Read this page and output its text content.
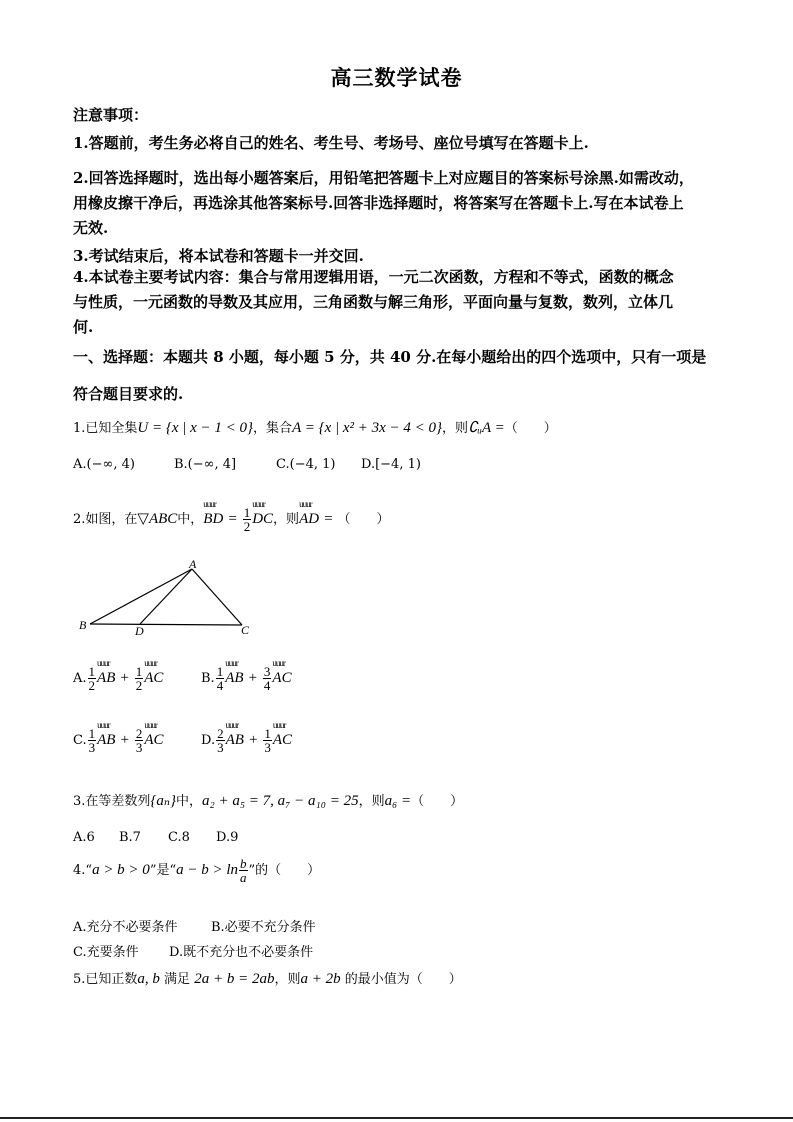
高三数学试卷
注意事项：
1.答题前，考生务必将自己的姓名、考生号、考场号、座位号填写在答题卡上.
2.回答选择题时，选出每小题答案后，用铅笔把答题卡上对应题目的答案标号涂黑.如需改动，
用橡皮擦干净后，再选涂其他答案标号.回答非选择题时，将答案写在答题卡上.写在本试卷上
无效.
3.考试结束后，将本试卷和答题卡一并交回.
4.本试卷主要考试内容：集合与常用逻辑用语，一元二次函数，方程和不等式，函数的概念
与性质，一元函数的导数及其应用，三角函数与解三角形，平面向量与复数，数列，立体几
何.
一、选择题：本题共 8 小题，每小题 5 分，共 40 分.在每小题给出的四个选项中，只有一项是
符合题目要求的.
1.已知全集U = {x | x − 1 < 0}，集合A = {x | x² + 3x − 4 < 0}，则∁ᵤA =（　　）
A.(−∞, 4)	B.(−∞, 4]	C.(−4, 1) D.[−4, 1)
2.如图，在▽ABC中，uuur BD = $\frac{1}{2}$ uuur DC，则uuur AD = （　　）
A
B	D	C
A. $\frac{1}{2}$ uuur AB + $\frac{1}{2}$ uuur AC	B. $\frac{1}{4}$ uuur AB + $\frac{3}{4}$ uuur AC
C. $\frac{1}{3}$ uuur AB + $\frac{2}{3}$ uuur AC	D. $\frac{2}{3}$ uuur AB + $\frac{1}{3}$ uuur AC
3.在等差数列{aₙ}中，a₂ + a₅ = 7, a₇ − a₁₀ = 25，则a₆ =（　　）
A.6 B.7 C.8 D.9
4.“a > b > 0”是“$a - b > \ln \frac{b}{a}$ ”的（　　）
A.充分不必要条件	B.必要不充分条件
C.充要条件 D.既不充分也不必要条件
5.已知正数a, b 满足 2a + b = 2ab，则a + 2b 的最小值为（　　）
